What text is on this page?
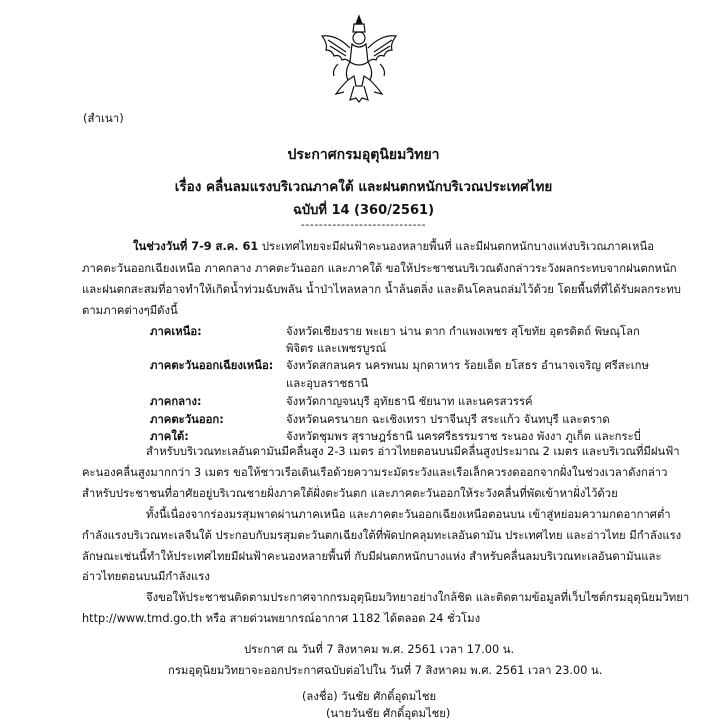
(สำเนา)
ประกาศกรมอุตุนิยมวิทยา
เรื่อง คลื่นลมแรงบริเวณภาคใต้ และฝนตกหนักบริเวณประเทศไทย
ฉบับที่ 14 (360/2561)
----------------------------
ในช่วงวันที่ 7-9 ส.ค. 61 ประเทศไทยจะมีฝนฟ้าคะนองหลายพื้นที่ และมีฝนตกหนักบางแห่งบริเวณภาคเหนือ
ภาคตะวันออกเฉียงเหนือ ภาคกลาง ภาคตะวันออก และภาคใต้ ขอให้ประชาชนบริเวณดังกล่าวระวังผลกระทบจากฝนตกหนัก
และฝนตกสะสมที่อาจทำให้เกิดน้ำท่วมฉับพลัน น้ำป่าไหลหลาก น้ำล้นตลิ่ง และดินโคลนถล่มไว้ด้วย โดยพื้นที่ที่ได้รับผลกระทบ
ตามภาคต่างๆมีดังนี้
ภาคเหนือ:	จังหวัดเชียงราย พะเยา น่าน ตาก กำแพงเพชร สุโขทัย อุตรดิตถ์ พิษณุโลก
พิจิตร และเพชรบูรณ์
ภาคตะวันออกเฉียงเหนือ: จังหวัดสกลนคร นครพนม มุกดาหาร ร้อยเอ็ด ยโสธร อำนาจเจริญ ศรีสะเกษ
และอุบลราชธานี
ภาคกลาง:	จังหวัดกาญจนบุรี อุทัยธานี ชัยนาท และนครสวรรค์
ภาคตะวันออก:	จังหวัดนครนายก ฉะเชิงเทรา ปราจีนบุรี สระแก้ว จันทบุรี และตราด
ภาคใต้:	จังหวัดชุมพร สุราษฎร์ธานี นครศรีธรรมราช ระนอง พังงา ภูเก็ต และกระบี่
สำหรับบริเวณทะเลอันดามันมีคลื่นสูง 2-3 เมตร อ่าวไทยตอนบนมีคลื่นสูงประมาณ 2 เมตร และบริเวณที่มีฝนฟ้า
คะนองคลื่นสูงมากกว่า 3 เมตร ขอให้ชาวเรือเดินเรือด้วยความระมัดระวังและเรือเล็กควรงดออกจากฝั่งในช่วงเวลาดังกล่าว
สำหรับประชาชนที่อาศัยอยู่บริเวณชายฝั่งภาคใต้ฝั่งตะวันตก และภาคตะวันออกให้ระวังคลื่นที่พัดเข้าหาฝั่งไว้ด้วย
ทั้งนี้เนื่องจากร่องมรสุมพาดผ่านภาคเหนือ และภาคตะวันออกเฉียงเหนือตอนบน เข้าสู่หย่อมความกดอากาศต่ำ
กำลังแรงบริเวณทะเลจีนใต้ ประกอบกับมรสุมตะวันตกเฉียงใต้ที่พัดปกคลุมทะเลอันดามัน ประเทศไทย และอ่าวไทย มีกำลังแรง
ลักษณะเช่นนี้ทำให้ประเทศไทยมีฝนฟ้าคะนองหลายพื้นที่ กับมีฝนตกหนักบางแห่ง สำหรับคลื่นลมบริเวณทะเลอันดามันและ
อ่าวไทยตอนบนมีกำลังแรง
จึงขอให้ประชาชนติดตามประกาศจากกรมอุตุนิยมวิทยาอย่างใกล้ชิด และติดตามข้อมูลที่เว็บไซต์กรมอุตุนิยมวิทยา
http://www.tmd.go.th หรือ สายด่วนพยากรณ์อากาศ 1182 ได้ตลอด 24 ชั่วโมง
ประกาศ ณ วันที่ 7 สิงหาคม พ.ศ. 2561 เวลา 17.00 น.
กรมอุตุนิยมวิทยาจะออกประกาศฉบับต่อไปใน วันที่ 7 สิงหาคม พ.ศ. 2561 เวลา 23.00 น.
(ลงชื่อ) วันชัย ศักดิ์อุดมไชย
(นายวันชัย ศักดิ์อุดมไชย)
